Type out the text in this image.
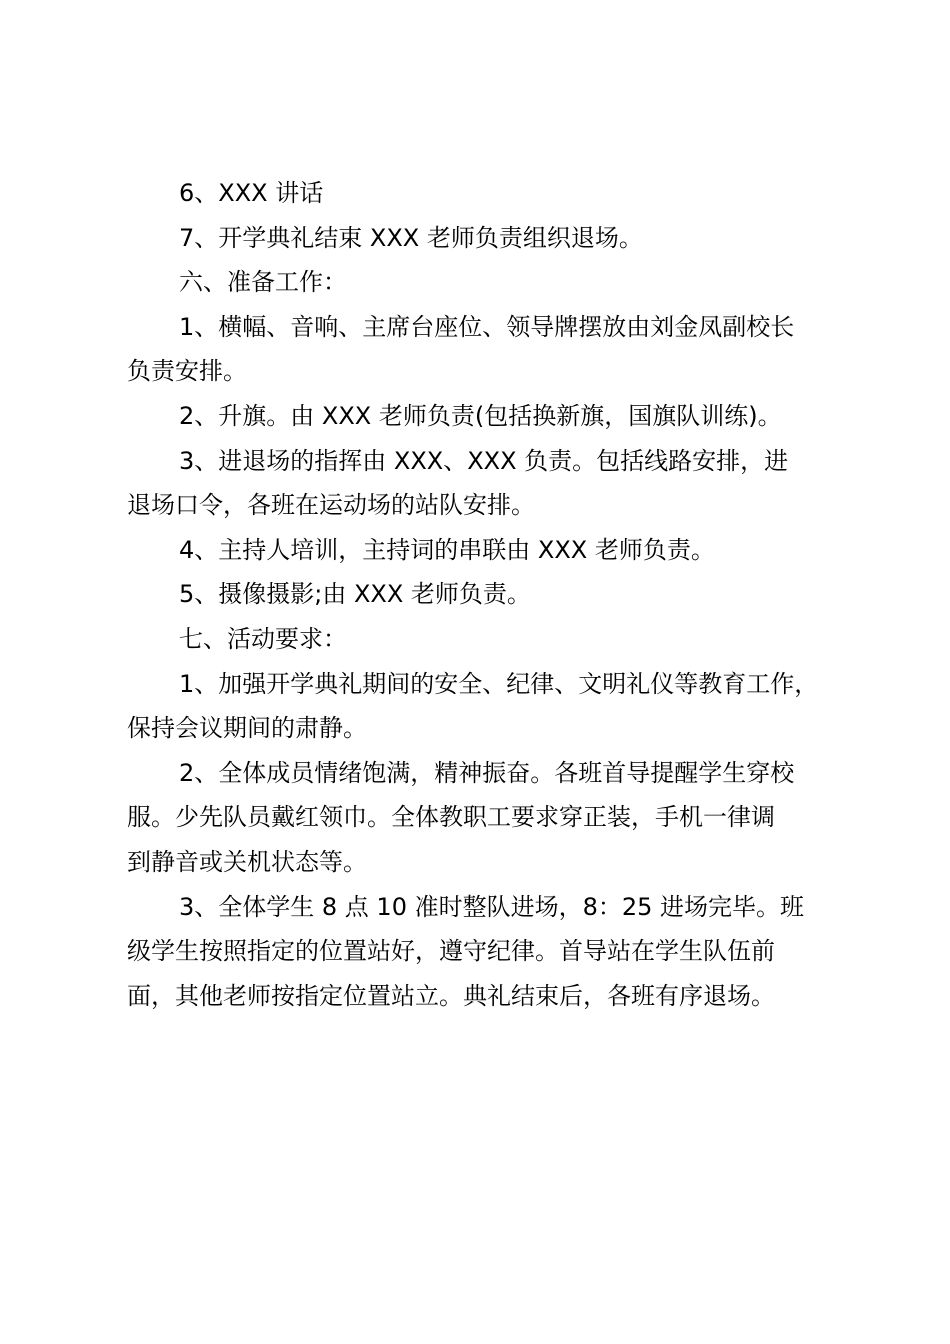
6、XXX 讲话
7、开学典礼结束 XXX 老师负责组织退场。
六、准备工作：
1、横幅、音响、主席台座位、领导牌摆放由刘金凤副校长
负责安排。
2、升旗。由 XXX 老师负责(包括换新旗，国旗队训练)。
3、进退场的指挥由 XXX、XXX 负责。包括线路安排，进
退场口令，各班在运动场的站队安排。
4、主持人培训，主持词的串联由 XXX 老师负责。
5、摄像摄影;由 XXX 老师负责。
七、活动要求：
1、加强开学典礼期间的安全、纪律、文明礼仪等教育工作，
保持会议期间的肃静。
2、全体成员情绪饱满，精神振奋。各班首导提醒学生穿校
服。少先队员戴红领巾。全体教职工要求穿正装，手机一律调
到静音或关机状态等。
3、全体学生 8 点 10 准时整队进场，8：25 进场完毕。班
级学生按照指定的位置站好，遵守纪律。首导站在学生队伍前
面，其他老师按指定位置站立。典礼结束后，各班有序退场。
